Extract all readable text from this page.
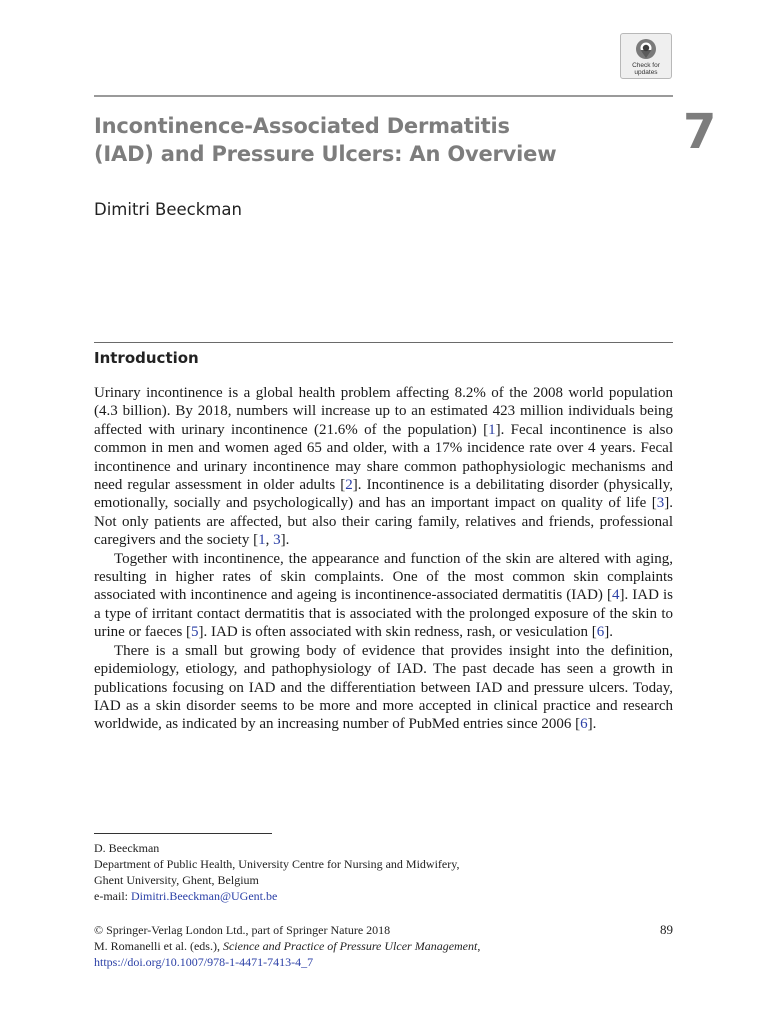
Check for
updates
Incontinence-Associated Dermatitis
(IAD) and Pressure Ulcers: An Overview	7
Dimitri Beeckman
Introduction

Urinary incontinence is a global health problem affecting 8.2% of the 2008 world population (4.3 billion). By 2018, numbers will increase up to an estimated 423 million individuals being affected with urinary incontinence (21.6% of the population) [1]. Fecal incontinence is also common in men and women aged 65 and older, with a 17% incidence rate over 4 years. Fecal incontinence and urinary incontinence may share common pathophysiologic mechanisms and need regular assessment in older adults [2]. Incontinence is a debilitating disorder (physically, emotionally, socially and psychologically) and has an important impact on quality of life [3]. Not only patients are affected, but also their caring family, relatives and friends, professional caregivers and the society [1, 3].

Together with incontinence, the appearance and function of the skin are altered with aging, resulting in higher rates of skin complaints. One of the most common skin complaints associated with incontinence and ageing is incontinence-associated dermatitis (IAD) [4]. IAD is a type of irritant contact dermatitis that is associated with the prolonged exposure of the skin to urine or faeces [5]. IAD is often associated with skin redness, rash, or vesiculation [6].

There is a small but growing body of evidence that provides insight into the definition, epidemiology, etiology, and pathophysiology of IAD. The past decade has seen a growth in publications focusing on IAD and the differentiation between IAD and pressure ulcers. Today, IAD as a skin disorder seems to be more and more accepted in clinical practice and research worldwide, as indicated by an increasing number of PubMed entries since 2006 [6].

D. Beeckman
Department of Public Health, University Centre for Nursing and Midwifery,
Ghent University, Ghent, Belgium
e-mail: Dimitri.Beeckman@UGent.be
© Springer-Verlag London Ltd., part of Springer Nature 2018
M. Romanelli et al. (eds.), Science and Practice of Pressure Ulcer Management,
https://doi.org/10.1007/978-1-4471-7413-4_7
89
